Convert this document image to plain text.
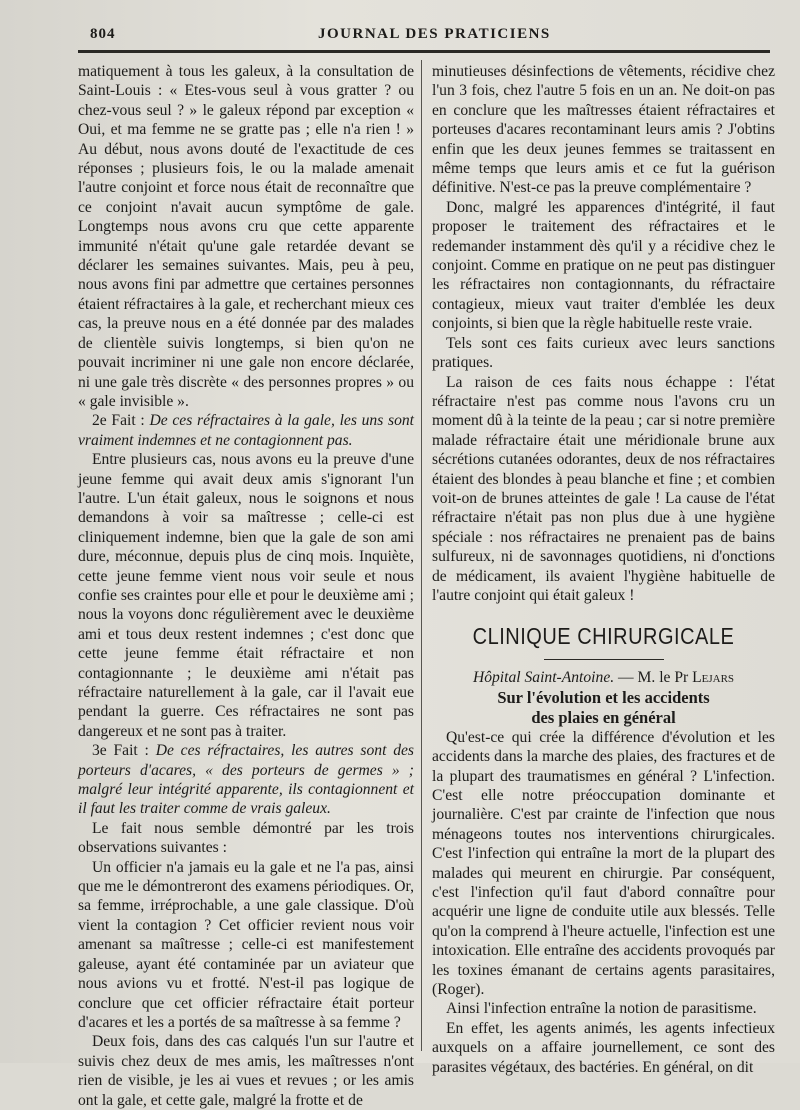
804	JOURNAL DES PRATICIENS

matiquement à tous les galeux, à la consultation de Saint-Louis : « Etes-vous seul à vous gratter ? ou chez-vous seul ? » le galeux répond par exception « Oui, et ma femme ne se gratte pas ; elle n'a rien ! » Au début, nous avons douté de l'exactitude de ces réponses ; plusieurs fois, le ou la malade amenait l'autre conjoint et force nous était de reconnaître que ce conjoint n'avait aucun symptôme de gale. Longtemps nous avons cru que cette apparente immunité n'était qu'une gale retardée devant se déclarer les semaines suivantes. Mais, peu à peu, nous avons fini par admettre que certaines personnes étaient réfractaires à la gale, et recherchant mieux ces cas, la preuve nous en a été donnée par des malades de clientèle suivis longtemps, si bien qu'on ne pouvait incriminer ni une gale non encore déclarée, ni une gale très discrète « des personnes propres » ou « gale invisible ».

2e Fait : De ces réfractaires à la gale, les uns sont vraiment indemnes et ne contagionnent pas.

Entre plusieurs cas, nous avons eu la preuve d'une jeune femme qui avait deux amis s'ignorant l'un l'autre. L'un était galeux, nous le soignons et nous demandons à voir sa maîtresse ; celle-ci est cliniquement indemne, bien que la gale de son ami dure, méconnue, depuis plus de cinq mois. Inquiète, cette jeune femme vient nous voir seule et nous confie ses craintes pour elle et pour le deuxième ami ; nous la voyons donc régulièrement avec le deuxième ami et tous deux restent indemnes ; c'est donc que cette jeune femme était réfractaire et non contagionnante ; le deuxième ami n'était pas réfractaire naturellement à la gale, car il l'avait eue pendant la guerre. Ces réfractaires ne sont pas dangereux et ne sont pas à traiter.

3e Fait : De ces réfractaires, les autres sont des porteurs d'acares, « des porteurs de germes » ; malgré leur intégrité apparente, ils contagionnent et il faut les traiter comme de vrais galeux.

Le fait nous semble démontré par les trois observations suivantes :

Un officier n'a jamais eu la gale et ne l'a pas, ainsi que me le démontreront des examens périodiques. Or, sa femme, irréprochable, a une gale classique. D'où vient la contagion ? Cet officier revient nous voir amenant sa maîtresse ; celle-ci est manifestement galeuse, ayant été contaminée par un aviateur que nous avions vu et frotté. N'est-il pas logique de conclure que cet officier réfractaire était porteur d'acares et les a portés de sa maîtresse à sa femme ?

Deux fois, dans des cas calqués l'un sur l'autre et suivis chez deux de mes amis, les maîtresses n'ont rien de visible, je les ai vues et revues ; or les amis ont la gale, et cette gale, malgré la frotte et de

minutieuses désinfections de vêtements, récidive chez l'un 3 fois, chez l'autre 5 fois en un an. Ne doit-on pas en conclure que les maîtresses étaient réfractaires et porteuses d'acares recontaminant leurs amis ? J'obtins enfin que les deux jeunes femmes se traitassent en même temps que leurs amis et ce fut la guérison définitive. N'est-ce pas la preuve complémentaire ?

Donc, malgré les apparences d'intégrité, il faut proposer le traitement des réfractaires et le redemander instamment dès qu'il y a récidive chez le conjoint. Comme en pratique on ne peut pas distinguer les réfractaires non contagionnants, du réfractaire contagieux, mieux vaut traiter d'emblée les deux conjoints, si bien que la règle habituelle reste vraie.

Tels sont ces faits curieux avec leurs sanctions pratiques.

La raison de ces faits nous échappe : l'état réfractaire n'est pas comme nous l'avons cru un moment dû à la teinte de la peau ; car si notre première malade réfractaire était une méridionale brune aux sécrétions cutanées odorantes, deux de nos réfractaires étaient des blondes à peau blanche et fine ; et combien voit-on de brunes atteintes de gale ! La cause de l'état réfractaire n'était pas non plus due à une hygiène spéciale : nos réfractaires ne prenaient pas de bains sulfureux, ni de savonnages quotidiens, ni d'onctions de médicament, ils avaient l'hygiène habituelle de l'autre conjoint qui était galeux !

CLINIQUE CHIRURGICALE

Hôpital Saint-Antoine. — M. le Pr Lejars

Sur l'évolution et les accidents

des plaies en général

Qu'est-ce qui crée la différence d'évolution et les accidents dans la marche des plaies, des fractures et de la plupart des traumatismes en général ? L'infection. C'est elle notre préoccupation dominante et journalière. C'est par crainte de l'infection que nous ménageons toutes nos interventions chirurgicales. C'est l'infection qui entraîne la mort de la plupart des malades qui meurent en chirurgie. Par conséquent, c'est l'infection qu'il faut d'abord connaître pour acquérir une ligne de conduite utile aux blessés. Telle qu'on la comprend à l'heure actuelle, l'infection est une intoxication. Elle entraîne des accidents provoqués par les toxines émanant de certains agents parasitaires, (Roger).

Ainsi l'infection entraîne la notion de parasitisme.

En effet, les agents animés, les agents infectieux auxquels on a affaire journellement, ce sont des parasites végétaux, des bactéries. En général, on dit
